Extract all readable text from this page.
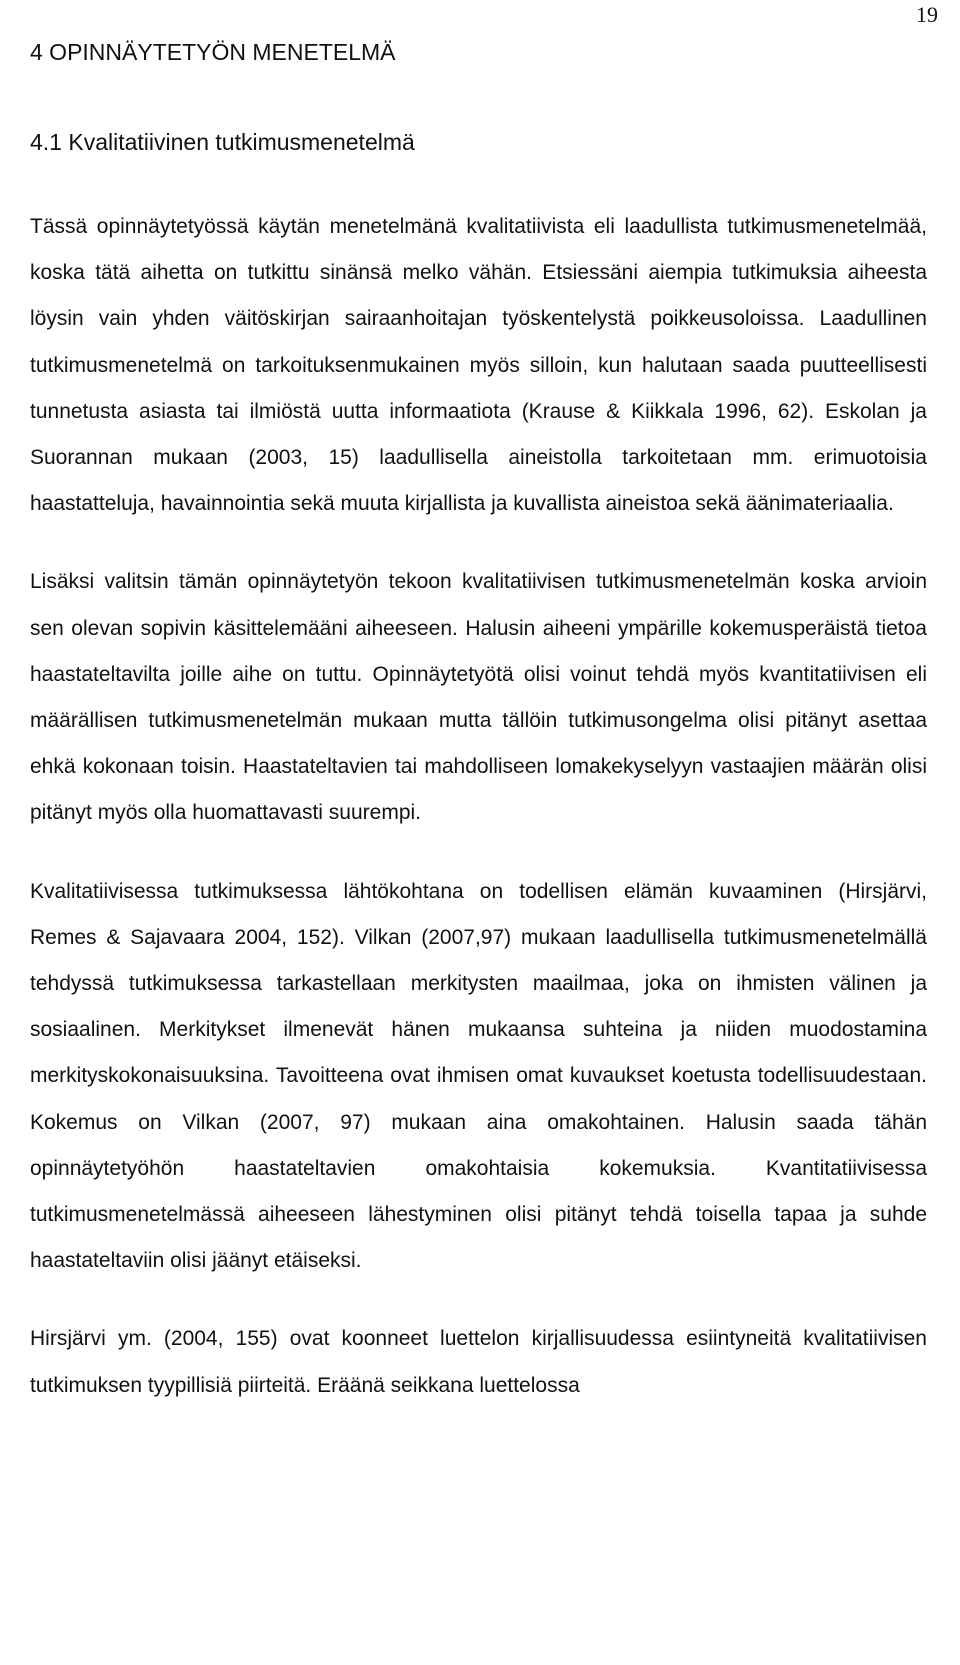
19
4 OPINNÄYTETYÖN MENETELMÄ
4.1 Kvalitatiivinen tutkimusmenetelmä

Tässä opinnäytetyössä käytän menetelmänä kvalitatiivista eli laadullista tutkimusmenetelmää, koska tätä aihetta on tutkittu sinänsä melko vähän. Etsiessäni aiempia tutkimuksia aiheesta löysin vain yhden väitöskirjan sairaanhoitajan työskentelystä poikkeusoloissa. Laadullinen tutkimusmenetelmä on tarkoituksenmukainen myös silloin, kun halutaan saada puutteellisesti tunnetusta asiasta tai ilmiöstä uutta informaatiota (Krause & Kiikkala 1996, 62). Eskolan ja Suorannan mukaan (2003, 15) laadullisella aineistolla tarkoitetaan mm. erimuotoisia haastatteluja, havainnointia sekä muuta kirjallista ja kuvallista aineistoa sekä äänimateriaalia.

Lisäksi valitsin tämän opinnäytetyön tekoon kvalitatiivisen tutkimusmenetelmän koska arvioin sen olevan sopivin käsittelemääni aiheeseen. Halusin aiheeni ympärille kokemusperäistä tietoa haastateltavilta joille aihe on tuttu. Opinnäytetyötä olisi voinut tehdä myös kvantitatiivisen eli määrällisen tutkimusmenetelmän mukaan mutta tällöin tutkimusongelma olisi pitänyt asettaa ehkä kokonaan toisin. Haastateltavien tai mahdolliseen lomakekyselyyn vastaajien määrän olisi pitänyt myös olla huomattavasti suurempi.

Kvalitatiivisessa tutkimuksessa lähtökohtana on todellisen elämän kuvaaminen (Hirsjärvi, Remes & Sajavaara 2004, 152). Vilkan (2007,97) mukaan laadullisella tutkimusmenetelmällä tehdyssä tutkimuksessa tarkastellaan merkitysten maailmaa, joka on ihmisten välinen ja sosiaalinen. Merkitykset ilmenevät hänen mukaansa suhteina ja niiden muodostamina merkityskokonaisuuksina. Tavoitteena ovat ihmisen omat kuvaukset koetusta todellisuudestaan. Kokemus on Vilkan (2007, 97) mukaan aina omakohtainen. Halusin saada tähän opinnäytetyöhön haastateltavien omakohtaisia kokemuksia. Kvantitatiivisessa tutkimusmenetelmässä aiheeseen lähestyminen olisi pitänyt tehdä toisella tapaa ja suhde haastateltaviin olisi jäänyt etäiseksi.

Hirsjärvi ym. (2004, 155) ovat koonneet luettelon kirjallisuudessa esiintyneitä kvalitatiivisen tutkimuksen tyypillisiä piirteitä. Eräänä seikkana luettelossa
